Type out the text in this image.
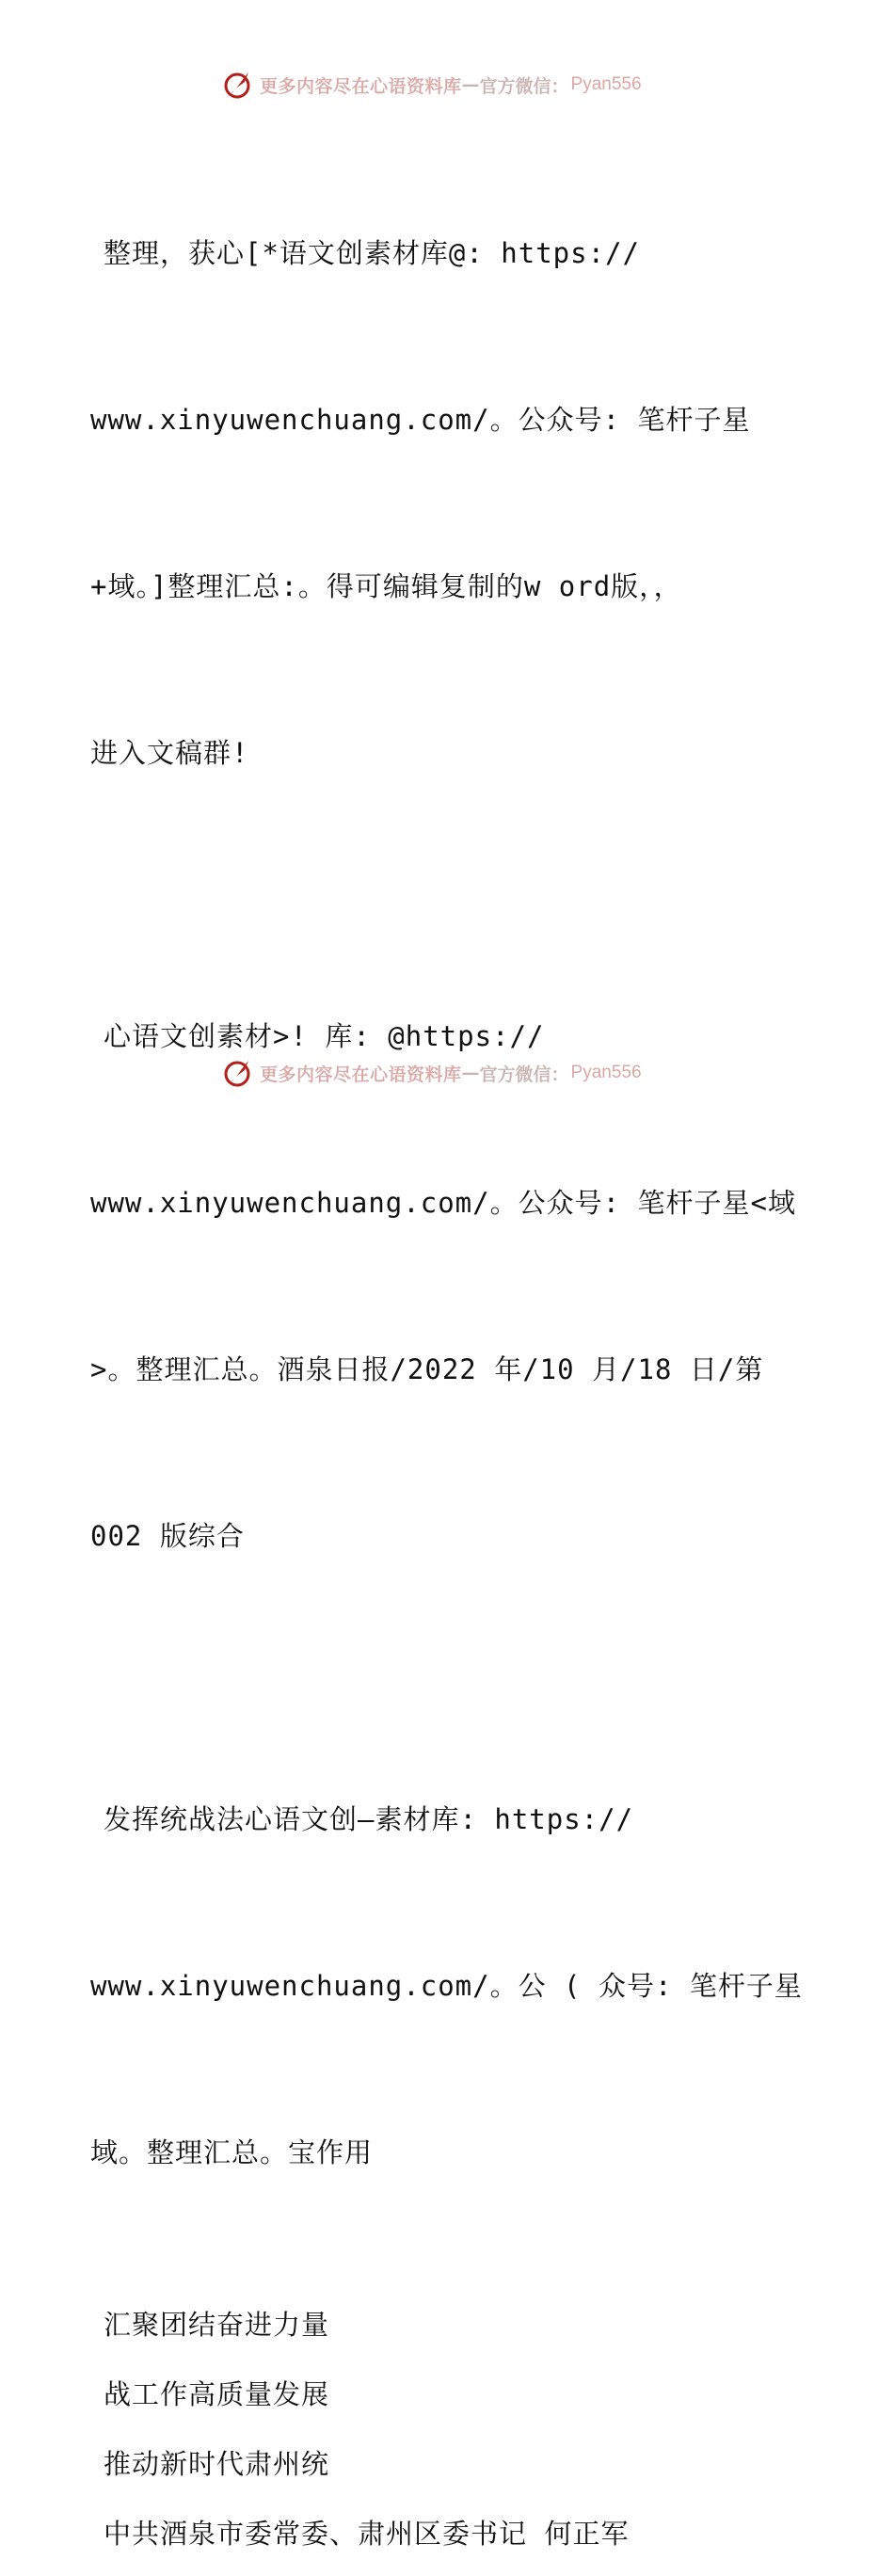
更多内容尽在心语资料库 — 官方微信 ： Pyan556

整理，获心[*语文创素材库@: https://

www.xinyuwenchuang.com/。公众号: 笔杆子星

+域。]整理汇总:。得可编辑复制的w ord版，，

进入文稿群!

心语文创素材>! 库: @https://

www.xinyuwenchuang.com/。公众号: 笔杆子星<域

>。整理汇总。酒泉日报/2022 年/10 月/18 日/第

002 版综合

发挥统战法心语文创—素材库: https://

www.xinyuwenchuang.com/。公 ( 众号: 笔杆子星

域。整理汇总。宝作用

汇聚团结奋进力量
战工作高质量发展
推动新时代肃州统
中共酒泉市委常委、肃州区委书记 何正军
更多内容尽在心语资料库 — 官方微信 ： Pyan556
